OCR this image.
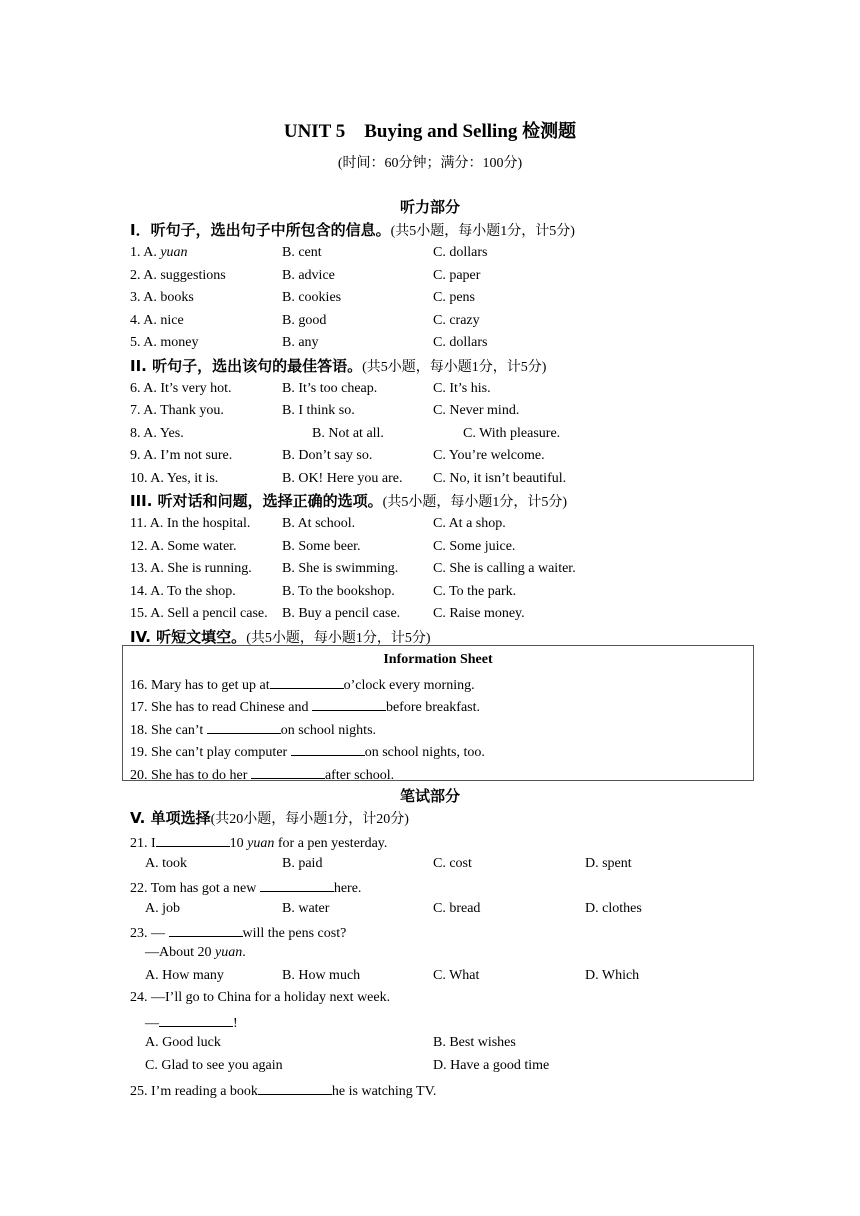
UNIT 5　Buying and Selling 检测题
(时间：60分钟；满分：100分)
听力部分
I．听句子，选出句子中所包含的信息。(共5小题，每小题1分，计5分)
1. A. yuan	B. cent	C. dollars
2. A. suggestions	B. advice	C. paper
3. A. books	B. cookies	C. pens
4. A. nice	B. good	C. crazy
5. A. money	B. any	C. dollars
II. 听句子，选出该句的最佳答语。(共5小题，每小题1分，计5分)
6. A. It’s very hot.	B. It’s too cheap.	C. It’s his.
7. A. Thank you.	B. I think so.	C. Never mind.
8. A. Yes.	B. Not at all.	C. With pleasure.
9. A. I’m not sure.	B. Don’t say so.	C. You’re welcome.
10. A. Yes, it is.	B. OK! Here you are. C. No, it isn’t beautiful.
III. 听对话和问题，选择正确的选项。(共5小题，每小题1分，计5分)
11. A. In the hospital. B. At school.	C. At a shop.
12. A. Some water.	B. Some beer.	C. Some juice.
13. A. She is running. B. She is swimming. C. She is calling a waiter.
14. A. To the shop.	B. To the bookshop.	C. To the park.
15. A. Sell a pencil case. B. Buy a pencil case. C. Raise money.
IV. 听短文填空。(共5小题，每小题1分，计5分)
Information Sheet
16. Mary has to get up at	o’clock every morning.
17. She has to read Chinese and	before breakfast.
18. She can’t	on school nights.
19. She can’t play computer	on school nights, too.
20. She has to do her	after school.
笔试部分
V. 单项选择(共20小题，每小题1分，计20分)
21. I	10 yuan for a pen yesterday.
A. took	B. paid	C. cost	D. spent
22. Tom has got a new	here.
A. job	B. water	C. bread	D. clothes
23. —	will the pens cost?
—About 20 yuan.
A. How many	B. How much	C. What	D. Which
24. —I’ll go to China for a holiday next week.
—	!
A. Good luck	B. Best wishes
C. Glad to see you again	D. Have a good time
25. I’m reading a book	he is watching TV.
